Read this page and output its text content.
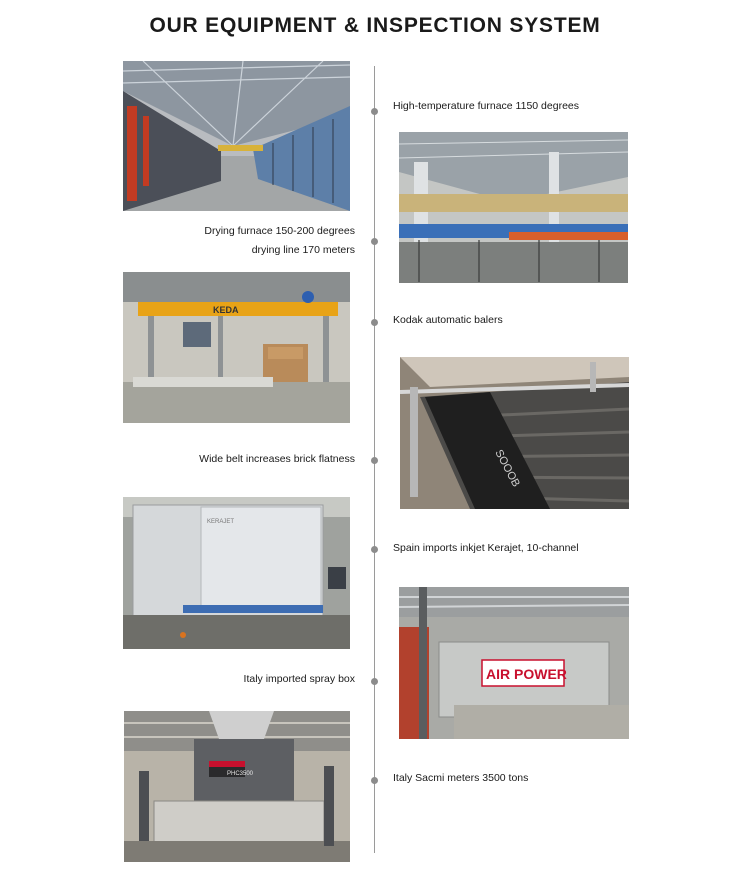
OUR EQUIPMENT & INSPECTION SYSTEM
High-temperature furnace 1150 degrees
Drying furnace 150-200 degrees
drying line 170 meters
Kodak automatic balers
Wide belt increases brick flatness
Spain imports inkjet Kerajet, 10-channel
Italy imported spray box
Italy Sacmi meters 3500 tons
KEDA
SOOOB
KERAJET
AIR POWER
PHC3500
